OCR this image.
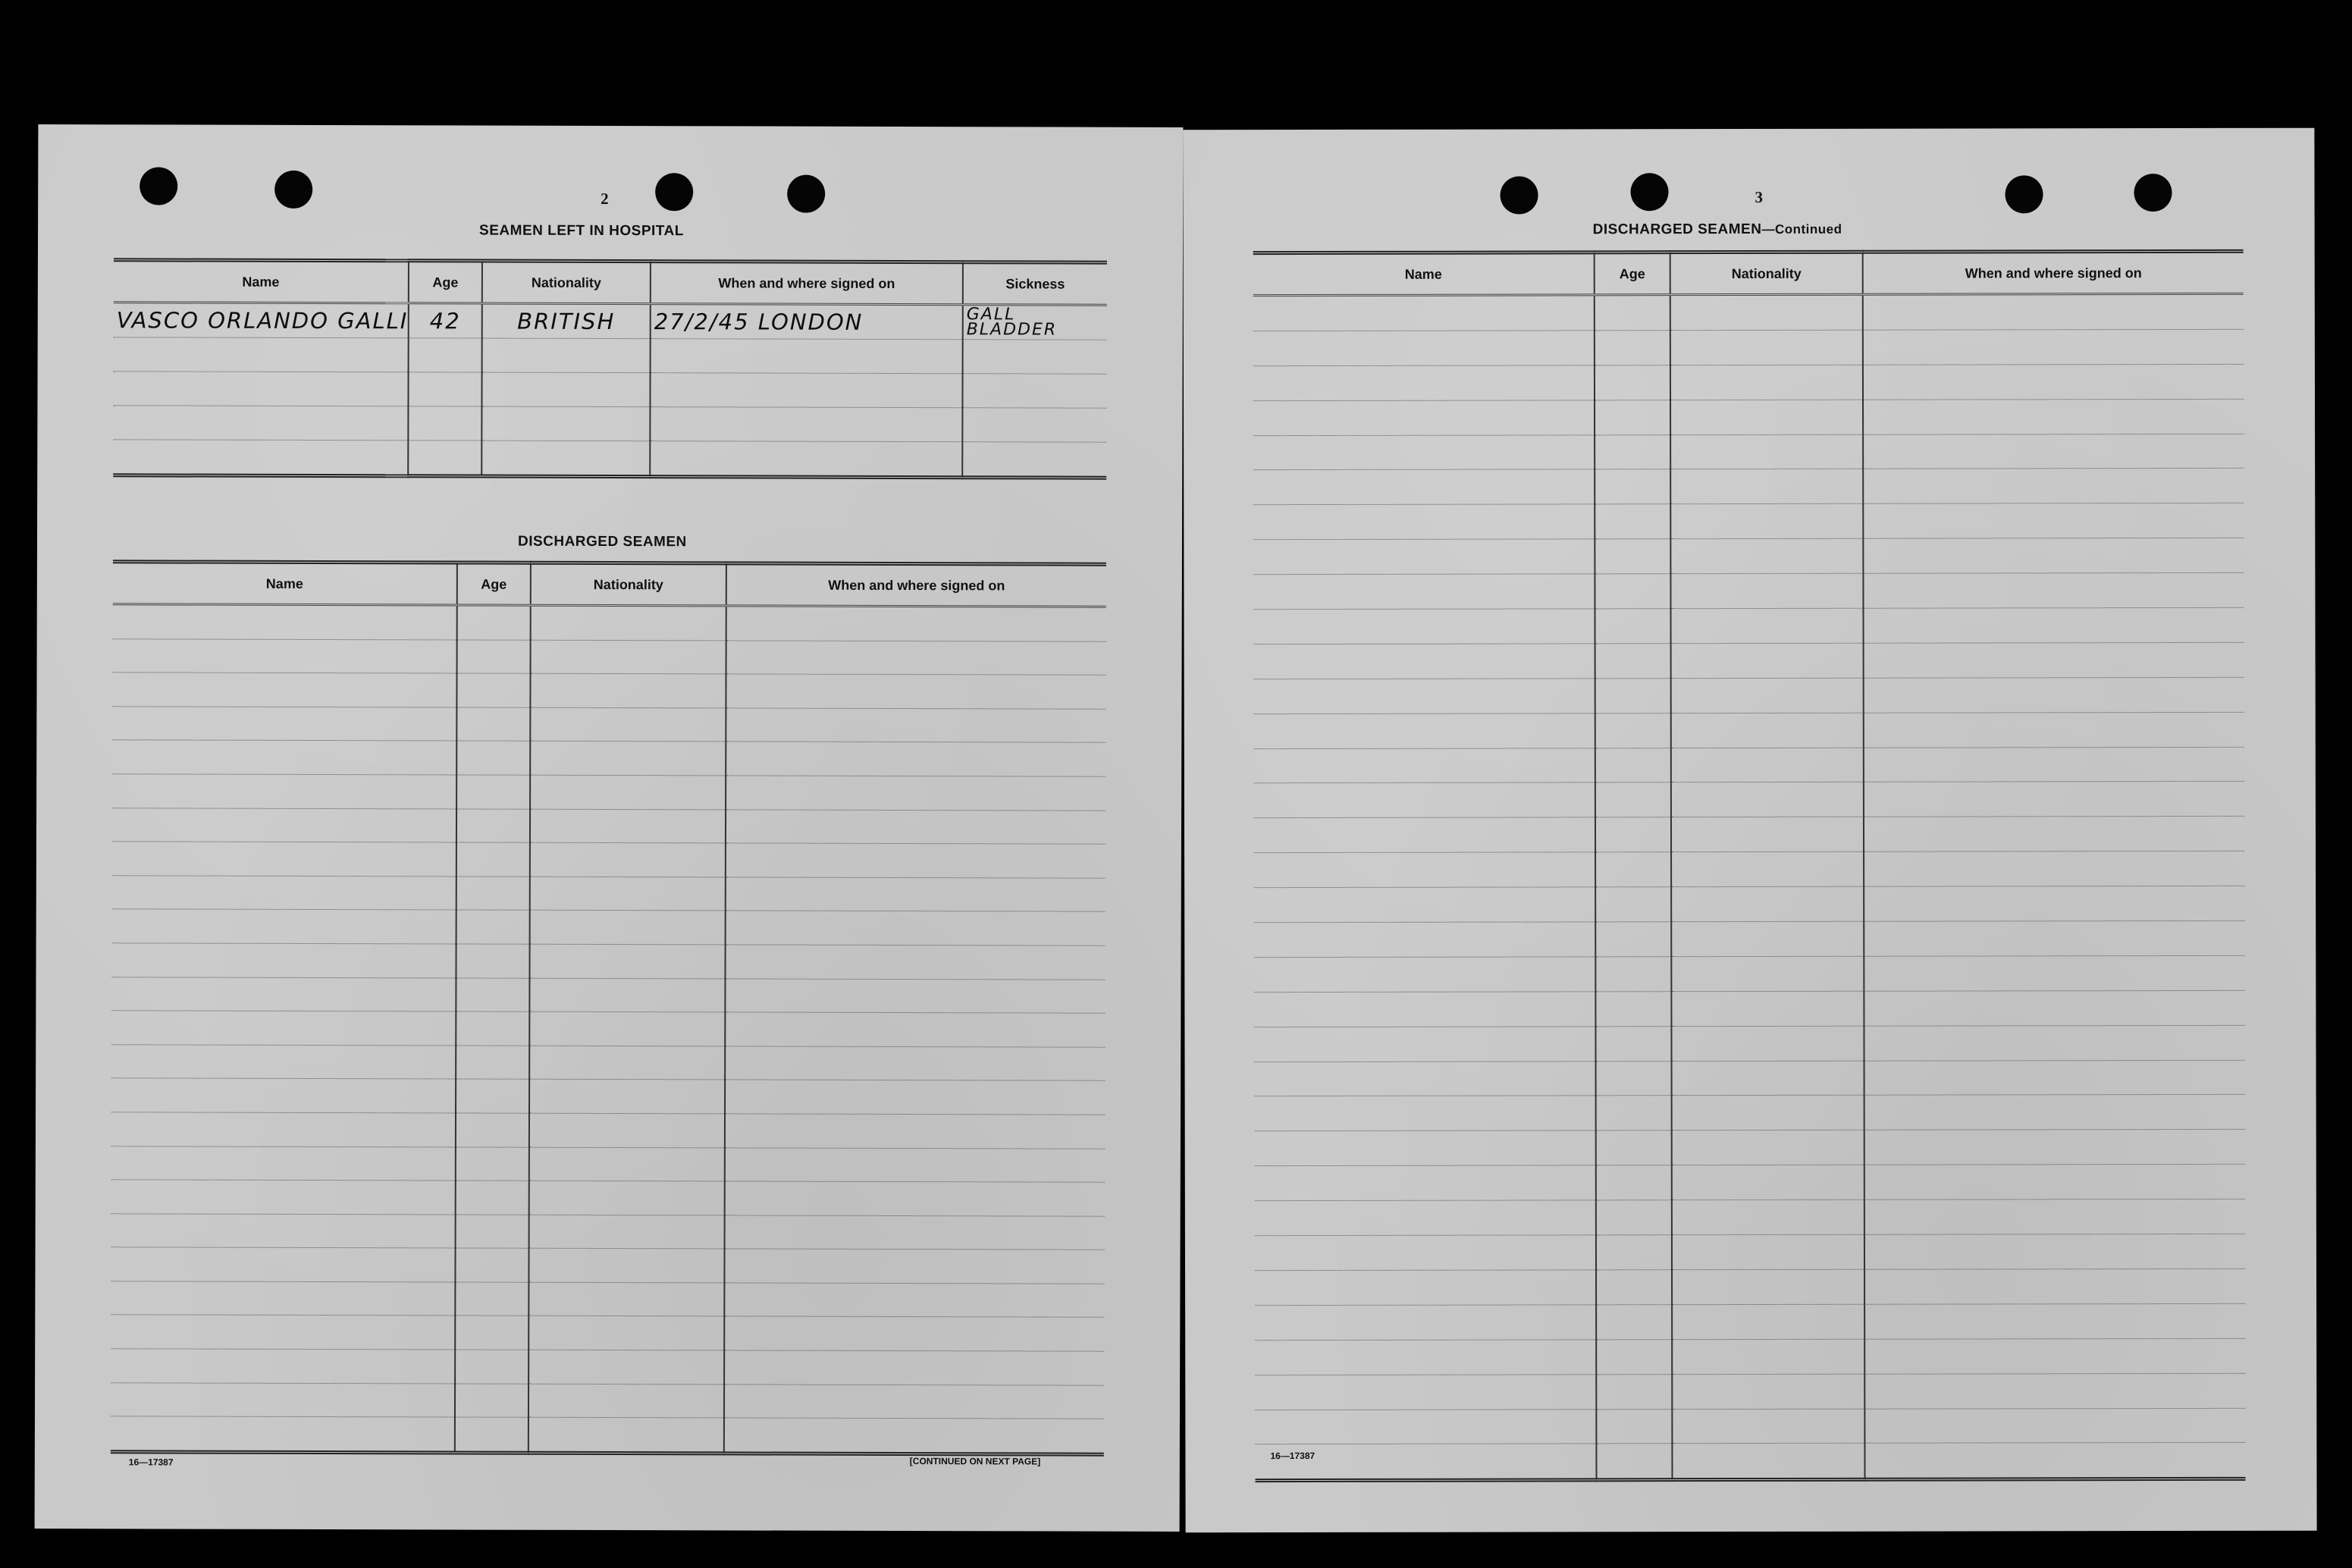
2
SEAMEN LEFT IN HOSPITAL
Name	Age	Nationality	When and where signed on	Sickness
VASCO ORLANDO GALLI	42	BRITISH	27/2/45 LONDON	GALL BLADDER

DISCHARGED SEAMEN
Name	Age	Nationality	When and where signed on

16—17387	[CONTINUED ON NEXT PAGE]
3
DISCHARGED SEAMEN—Continued
Name	Age	Nationality	When and where signed on

16—17387
